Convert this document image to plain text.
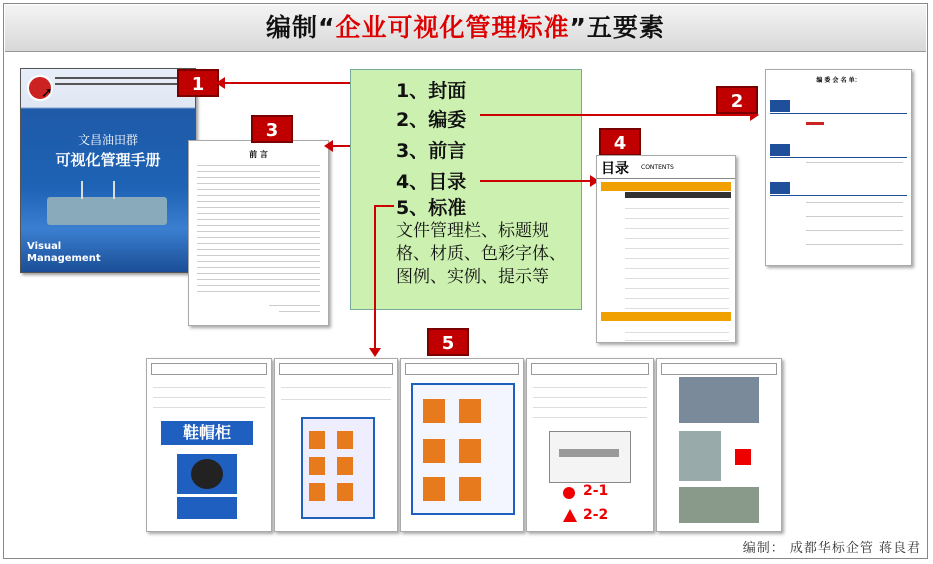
编制“企业可视化管理标准”五要素
➚
文昌油田群
可视化管理手册
Visual Management
1
前 言
3
1、封面
2、编委
3、前言
4、目录
5、标准
文件管理栏、标题规格、材质、色彩字体、图例、实例、提示等
2
编 委 会 名 单：
4
目录 CONTENTS
5
鞋帽柜
2-1
2-2
编制： 成都华标企管 蒋良君
